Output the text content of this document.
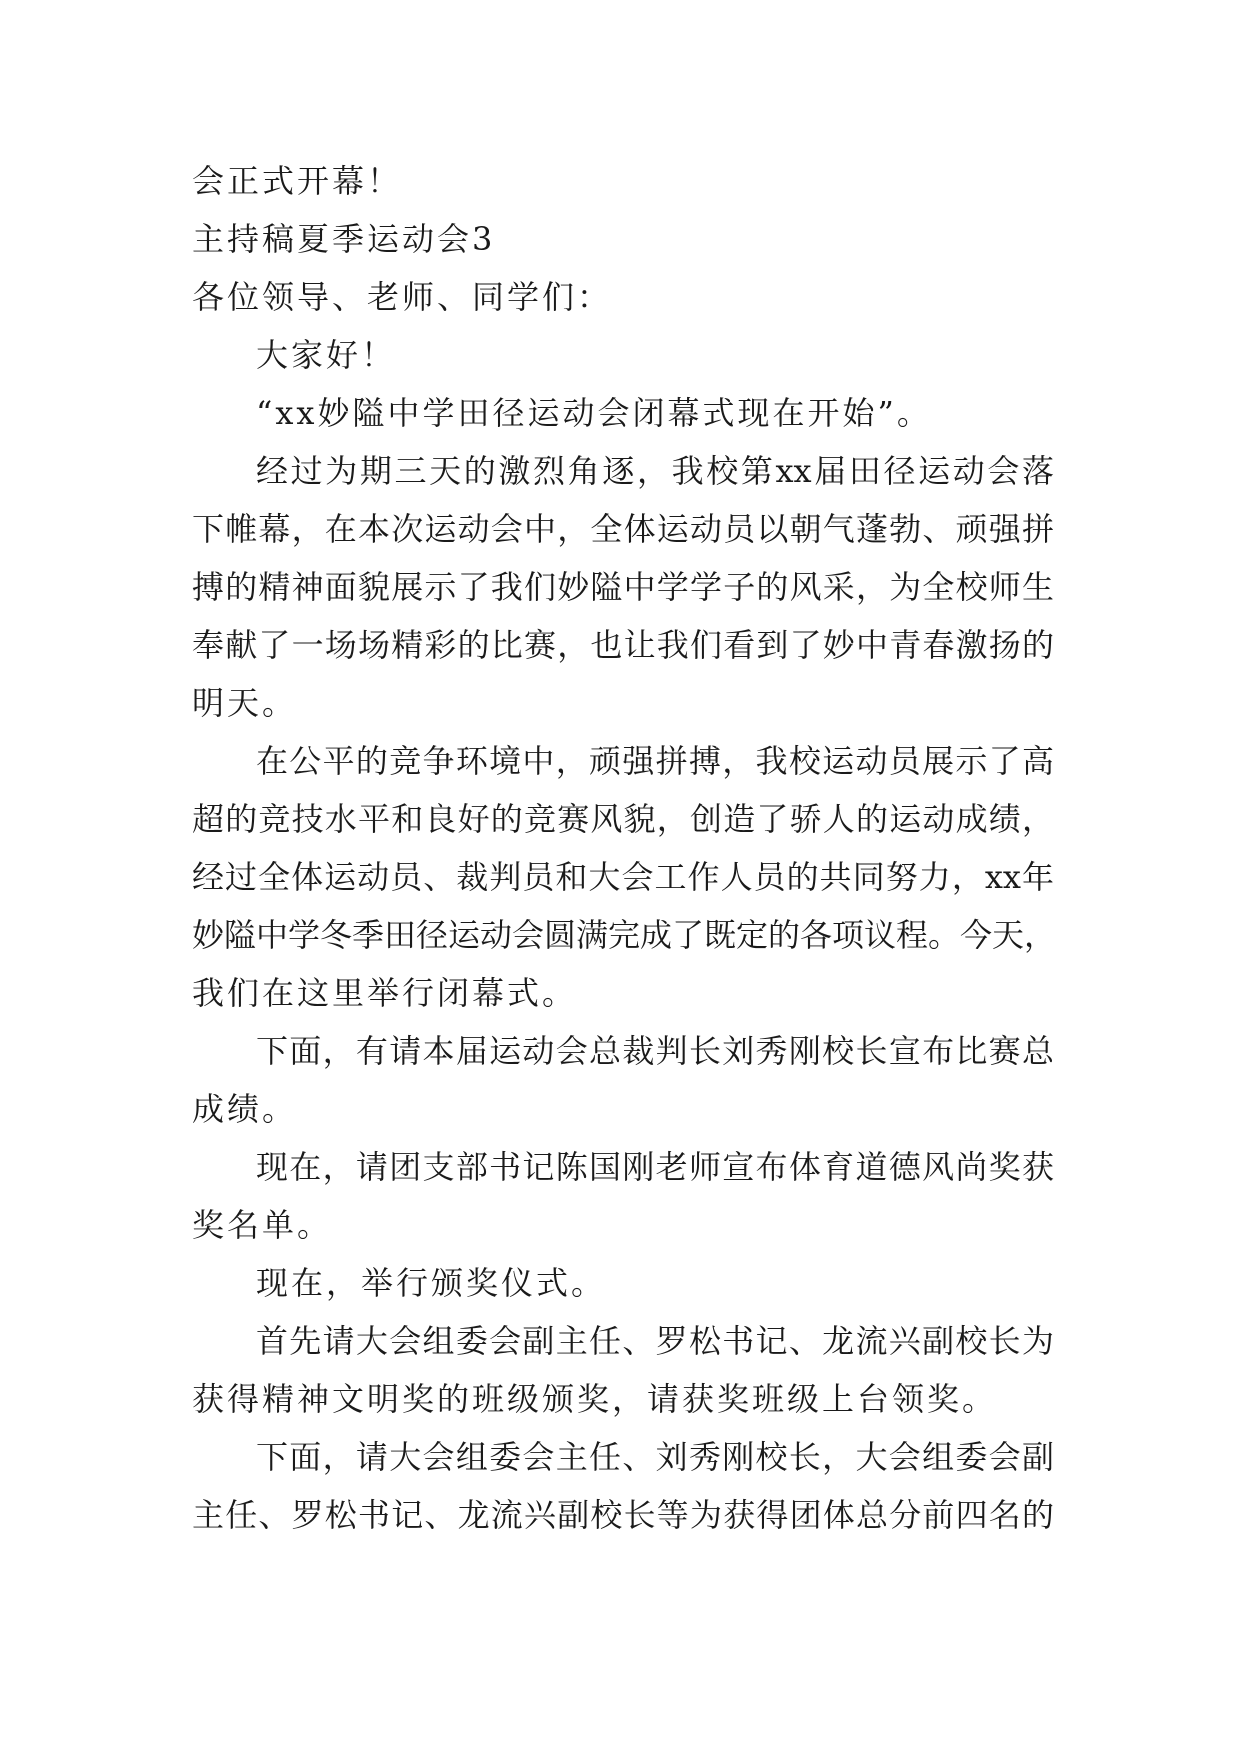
会正式开幕！
主持稿夏季运动会3
各位领导、老师、同学们：
大家好！
“xx妙隘中学田径运动会闭幕式现在开始”。
经过为期三天的激烈角逐，我校第xx届田径运动会落
下帷幕，在本次运动会中，全体运动员以朝气蓬勃、顽强拼
搏的精神面貌展示了我们妙隘中学学子的风采，为全校师生
奉献了一场场精彩的比赛，也让我们看到了妙中青春激扬的
明天。
在公平的竞争环境中，顽强拼搏，我校运动员展示了高
超的竞技水平和良好的竞赛风貌，创造了骄人的运动成绩，
经过全体运动员、裁判员和大会工作人员的共同努力，xx年
妙隘中学冬季田径运动会圆满完成了既定的各项议程。今天，
我们在这里举行闭幕式。
下面，有请本届运动会总裁判长刘秀刚校长宣布比赛总
成绩。
现在，请团支部书记陈国刚老师宣布体育道德风尚奖获
奖名单。
现在，举行颁奖仪式。
首先请大会组委会副主任、罗松书记、龙流兴副校长为
获得精神文明奖的班级颁奖，请获奖班级上台领奖。
下面，请大会组委会主任、刘秀刚校长，大会组委会副
主任、罗松书记、龙流兴副校长等为获得团体总分前四名的
